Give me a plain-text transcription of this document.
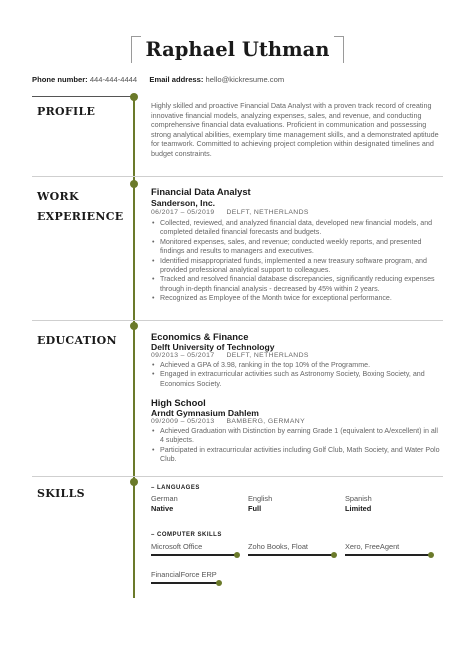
Raphael Uthman
Phone number: 444-444-4444 Email address: hello@kickresume.com
PROFILE	Highly skilled and proactive Financial Data Analyst with a proven track record of creating innovative financial models, analyzing expenses, sales, and revenue, and conducting comprehensive financial data evaluations. Proficient in communication and possessing strong analytical abilities, exemplary time management skills, and a demonstrated aptitude for teamwork. Committed to achieving project completion within designated timelines and budget constraints.
WORK
EXPERIENCE
Financial Data Analyst
Sanderson, Inc.
06/2017 – 05/2019 DELFT, NETHERLANDS
• Collected, reviewed, and analyzed financial data, developed new financial models, and completed detailed financial forecasts and budgets.
• Monitored expenses, sales, and revenue; conducted weekly reports, and presented findings and results to managers and executives.
• Identified misappropriated funds, implemented a new treasury software program, and provided professional analytical support to colleagues.
• Tracked and resolved financial database discrepancies, significantly reducing expenses through in-depth financial analysis - decreased by 45% within 2 years.
• Recognized as Employee of the Month twice for exceptional performance.
EDUCATION	Economics & Finance
Delft University of Technology
09/2013 – 05/2017 DELFT, NETHERLANDS
• Achieved a GPA of 3.98, ranking in the top 10% of the Programme.
• Engaged in extracurricular activities such as Astronomy Society, Boxing Society, and Economics Society.
High School
Arndt Gymnasium Dahlem
09/2009 – 05/2013 BAMBERG, GERMANY
• Achieved Graduation with Distinction by earning Grade 1 (equivalent to A/excellent) in all 4 subjects.
• Participated in extracurricular activities including Golf Club, Math Society, and Water Polo Club.
SKILLS	– LANGUAGES
German
Native
English
Full
Spanish
Limited
– COMPUTER SKILLS
Microsoft Office	Zoho Books, Float	Xero, FreeAgent
FinancialForce ERP
